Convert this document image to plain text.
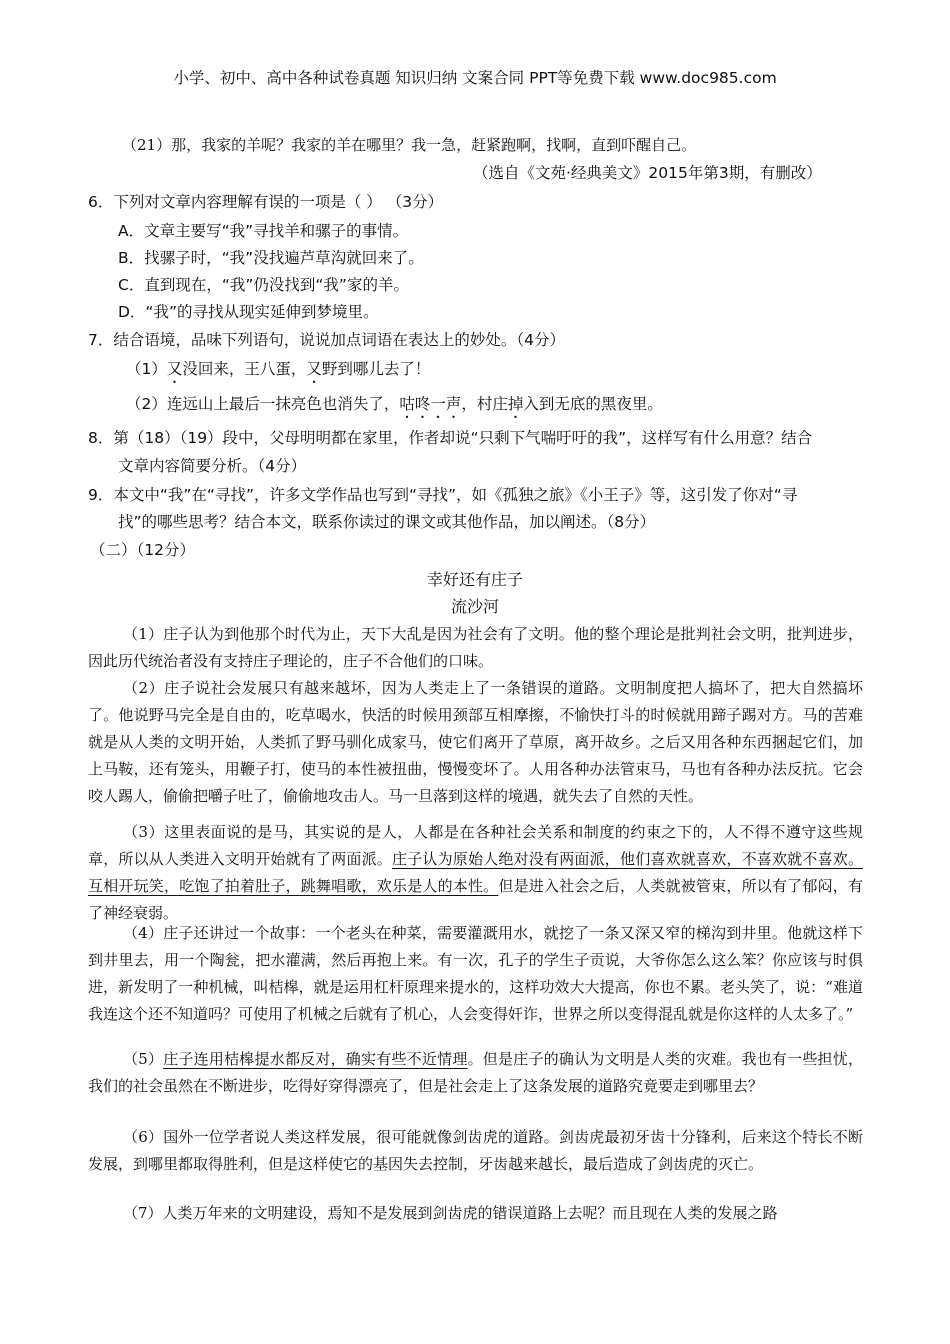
小学、初中、高中各种试卷真题 知识归纳 文案合同 PPT等免费下载 www.doc985.com
（21）那，我家的羊呢？我家的羊在哪里？我一急，赶紧跑啊，找啊，直到吓醒自己。
（选自《文苑·经典美文》2015年第3期，有删改）
6．下列对文章内容理解有误的一项是（ ） （3分）
A．文章主要写“我”寻找羊和骡子的事情。
B．找骡子时，“我”没找遍芦草沟就回来了。
C．直到现在，“我”仍没找到“我”家的羊。
D．“我”的寻找从现实延伸到梦境里。
7．结合语境，品味下列语句，说说加点词语在表达上的妙处。（4分）
（1）又没回来，王八蛋，又野到哪儿去了！
（2）连远山上最后一抹亮色也消失了，咕咚一声，村庄掉入到无底的黑夜里。
8．第（18）（19）段中，父母明明都在家里，作者却说“只剩下气喘吁吁的我”，这样写有什么用意？结合
文章内容简要分析。（4分）
9．本文中“我”在“寻找”，许多文学作品也写到“寻找”，如《孤独之旅》《小王子》等，这引发了你对“寻
找”的哪些思考？结合本文，联系你读过的课文或其他作品，加以阐述。（8分）
（二）（12分）
幸好还有庄子
流沙河
（1）庄子认为到他那个时代为止，天下大乱是因为社会有了文明。他的整个理论是批判社会文明，批判进步，因此历代统治者没有支持庄子理论的，庄子不合他们的口味。
（2）庄子说社会发展只有越来越坏，因为人类走上了一条错误的道路。文明制度把人搞坏了，把大自然搞坏了。他说野马完全是自由的，吃草喝水，快活的时候用颈部互相摩擦，不愉快打斗的时候就用蹄子踢对方。马的苦难就是从人类的文明开始，人类抓了野马驯化成家马，使它们离开了草原，离开故乡。之后又用各种东西捆起它们，加上马鞍，还有笼头，用鞭子打，使马的本性被扭曲，慢慢变坏了。人用各种办法管束马，马也有各种办法反抗。它会咬人踢人，偷偷把嚼子吐了，偷偷地攻击人。马一旦落到这样的境遇，就失去了自然的天性。
（3）这里表面说的是马，其实说的是人，人都是在各种社会关系和制度的约束之下的，人不得不遵守这些规章，所以从人类进入文明开始就有了两面派。庄子认为原始人绝对没有两面派，他们喜欢就喜欢，不喜欢就不喜欢。互相开玩笑，吃饱了拍着肚子，跳舞唱歌，欢乐是人的本性。但是进入社会之后，人类就被管束，所以有了郁闷，有了神经衰弱。
（4）庄子还讲过一个故事：一个老头在种菜，需要灌溉用水，就挖了一条又深又窄的梯沟到井里。他就这样下到井里去，用一个陶瓮，把水灌满，然后再抱上来。有一次，孔子的学生子贡说，大爷你怎么这么笨？你应该与时俱进，新发明了一种机械，叫桔槔，就是运用杠杆原理来提水的，这样功效大大提高，你也不累。老头笑了，说：“难道我连这个还不知道吗？可使用了机械之后就有了机心，人会变得奸诈，世界之所以变得混乱就是你这样的人太多了。”
（5）庄子连用桔槔提水都反对，确实有些不近情理。但是庄子的确认为文明是人类的灾难。我也有一些担忧，我们的社会虽然在不断进步，吃得好穿得漂亮了，但是社会走上了这条发展的道路究竟要走到哪里去？
（6）国外一位学者说人类这样发展，很可能就像剑齿虎的道路。剑齿虎最初牙齿十分锋利，后来这个特长不断发展，到哪里都取得胜利，但是这样使它的基因失去控制，牙齿越来越长，最后造成了剑齿虎的灭亡。
（7）人类万年来的文明建设，焉知不是发展到剑齿虎的错误道路上去呢？而且现在人类的发展之路
